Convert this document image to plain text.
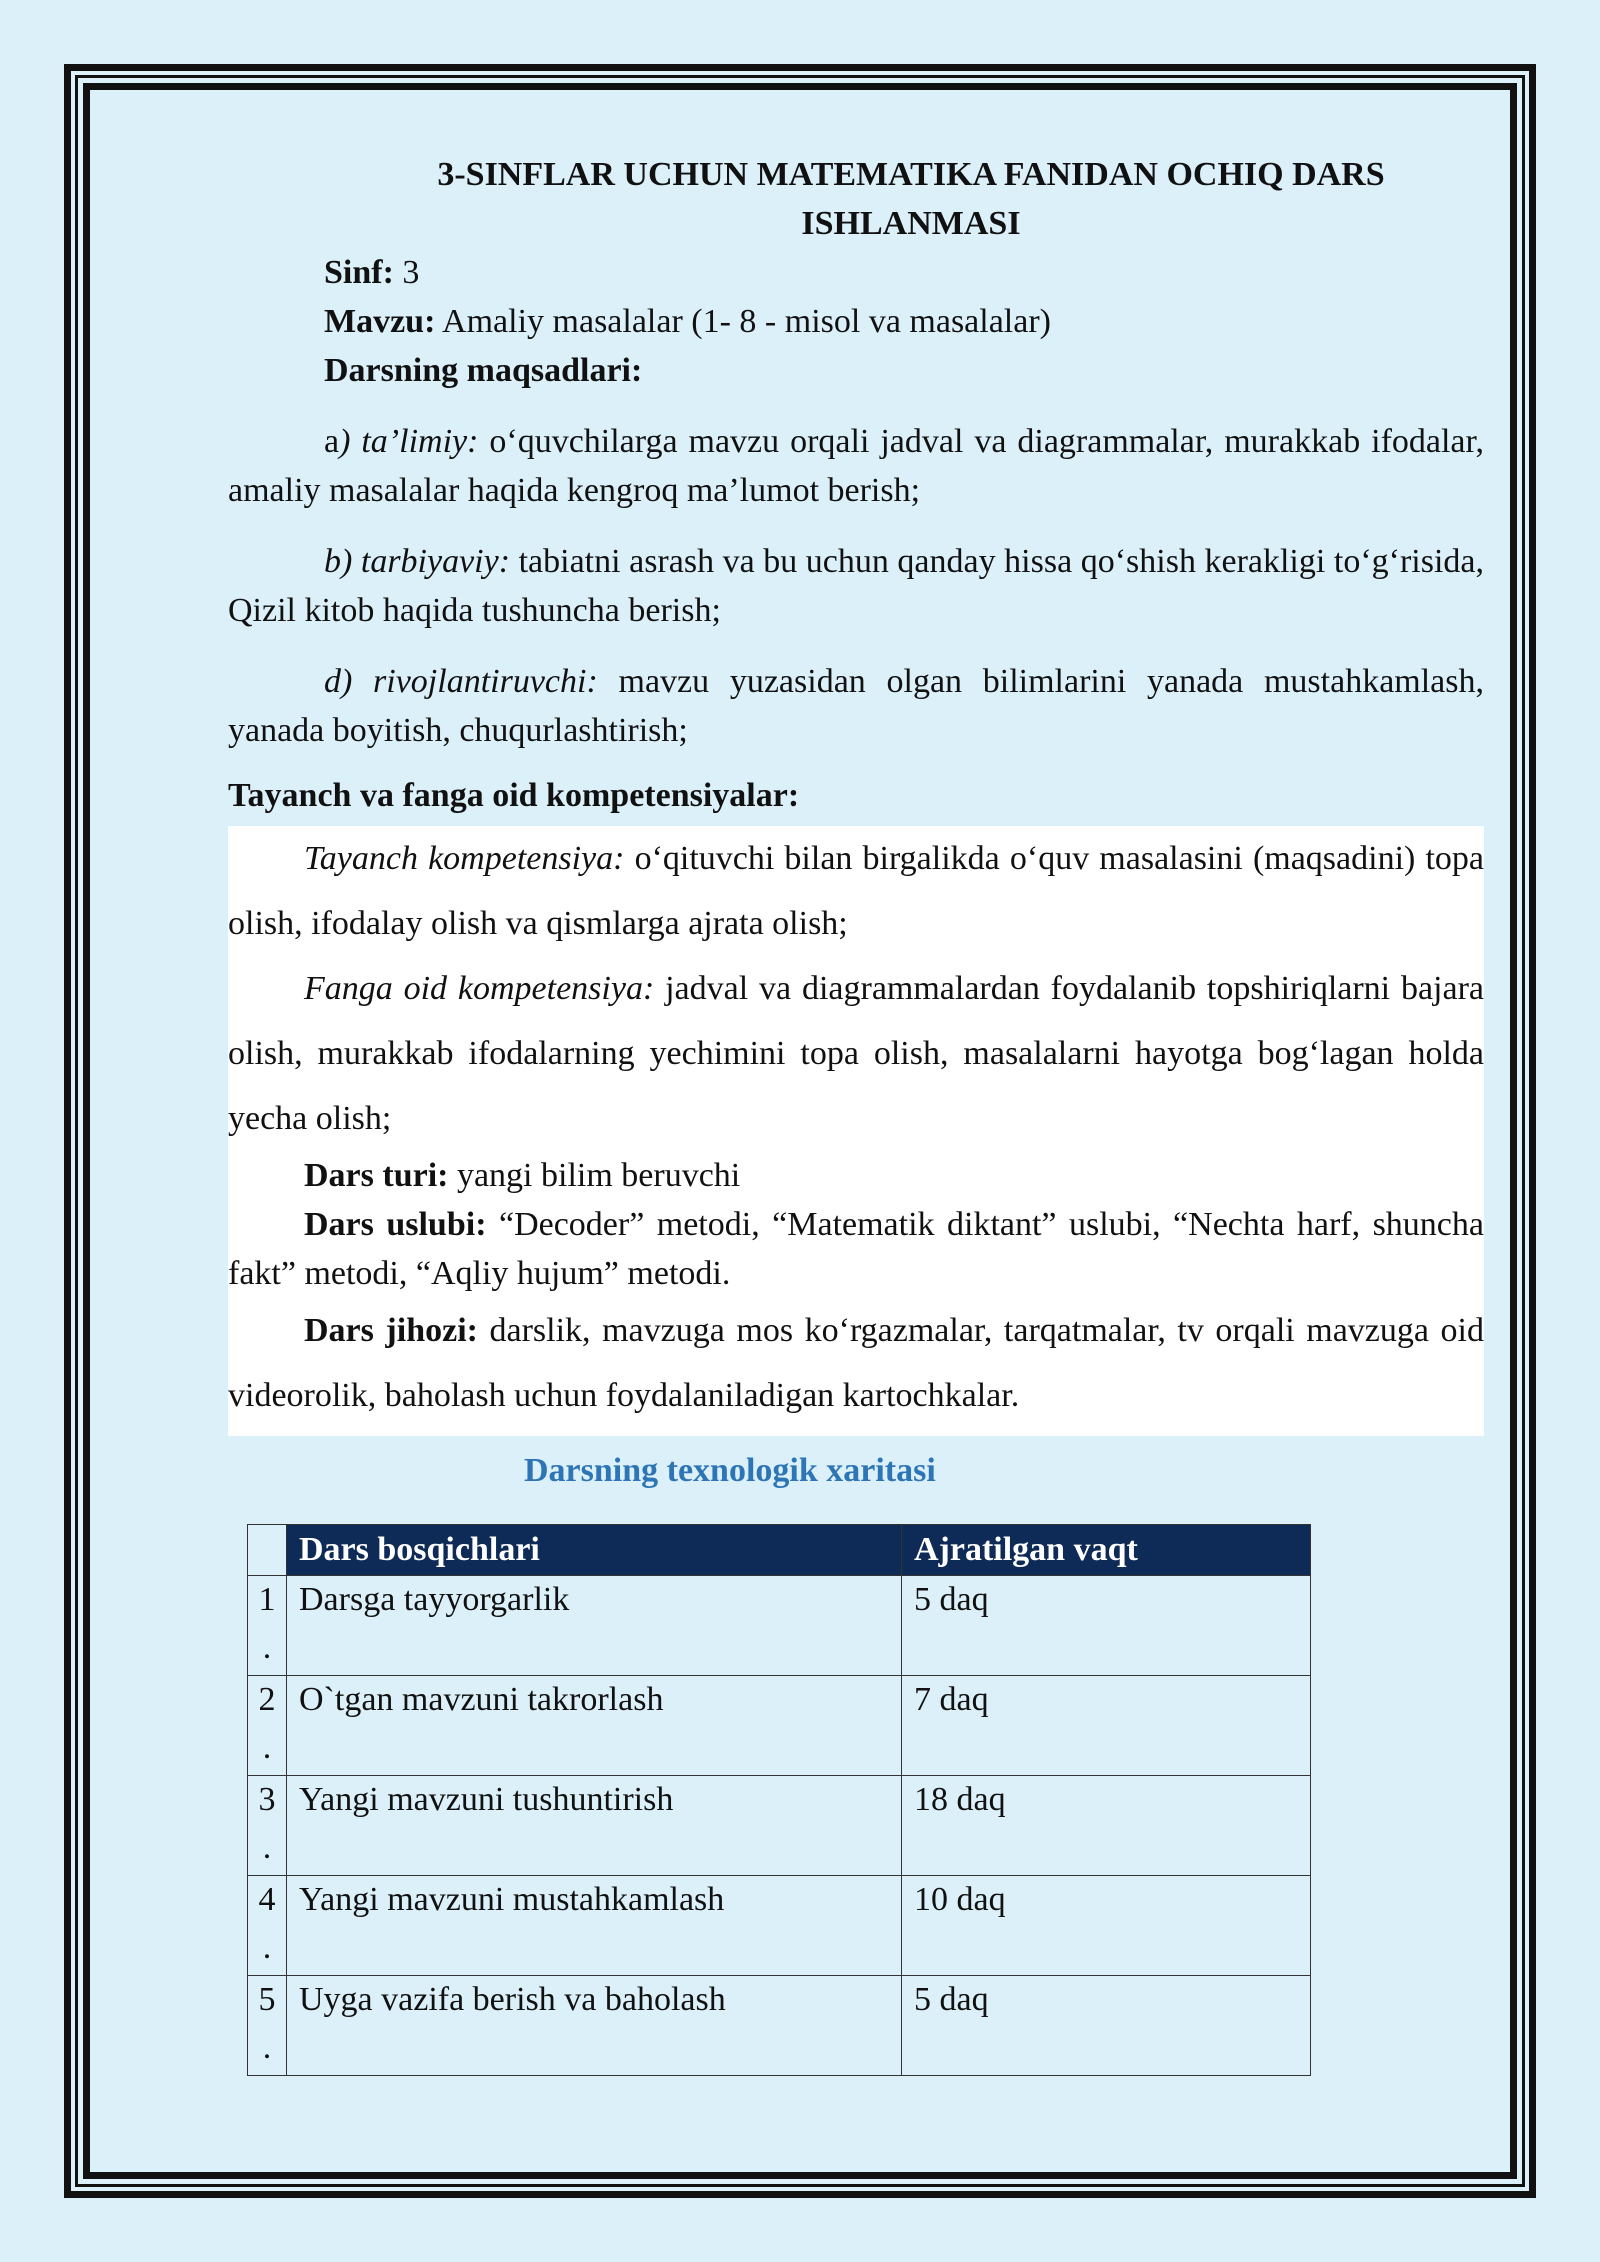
3-SINFLAR UCHUN MATEMATIKA FANIDAN OCHIQ DARS
ISHLANMASI
Sinf: 3
Mavzu: Amaliy masalalar (1- 8 - misol va masalalar)
Darsning maqsadlari:
a) ta’limiy: o‘quvchilarga mavzu orqali jadval va diagrammalar, murakkab ifodalar, amaliy masalalar haqida kengroq ma’lumot berish;
b) tarbiyaviy: tabiatni asrash va bu uchun qanday hissa qo‘shish kerakligi to‘g‘risida, Qizil kitob haqida tushuncha berish;
d) rivojlantiruvchi: mavzu yuzasidan olgan bilimlarini yanada mustahkamlash, yanada boyitish, chuqurlashtirish;
Tayanch va fanga oid kompetensiyalar:
Tayanch kompetensiya: o‘qituvchi bilan birgalikda o‘quv masalasini (maqsadini) topa olish, ifodalay olish va qismlarga ajrata olish;
Fanga oid kompetensiya: jadval va diagrammalardan foydalanib topshiriqlarni bajara olish, murakkab ifodalarning yechimini topa olish, masalalarni hayotga bog‘lagan holda yecha olish;
Dars turi: yangi bilim beruvchi
Dars uslubi: “Decoder” metodi, “Matematik diktant” uslubi, “Nechta harf, shuncha fakt” metodi, “Aqliy hujum” metodi.
Dars jihozi: darslik, mavzuga mos ko‘rgazmalar, tarqatmalar, tv orqali mavzuga oid videorolik, baholash uchun foydalaniladigan kartochkalar.
Darsning texnologik xaritasi
	Dars bosqichlari	Ajratilgan vaqt

1
.	Darsga tayyorgarlik	5 daq

2
.	O`tgan mavzuni takrorlash	7 daq

3
.	Yangi mavzuni tushuntirish	18 daq

4
.	Yangi mavzuni mustahkamlash	10 daq

5
.	Uyga vazifa berish va baholash	5 daq
